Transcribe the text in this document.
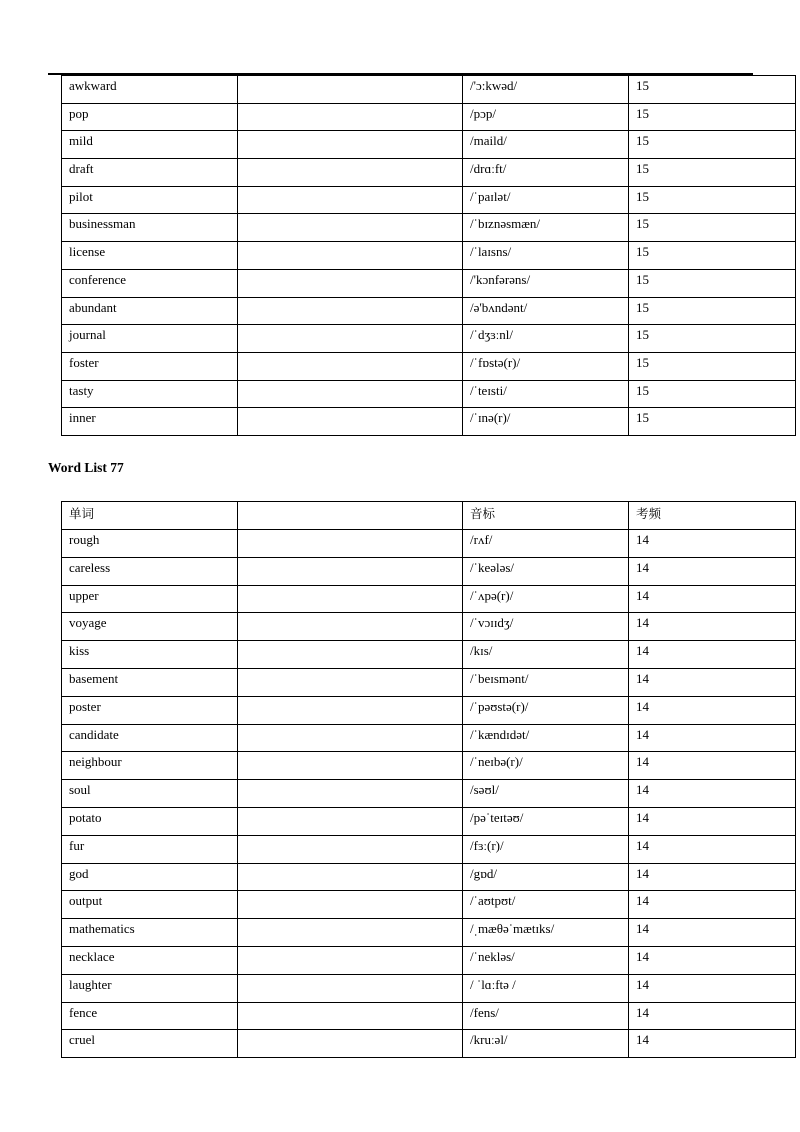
awkward		/'ɔ:kwəd/	15
pop		/pɔp/	15
mild		/maild/	15
draft		/drɑːft/	15
pilot		/ˈpaɪlət/	15
businessman		/ˈbɪznəsmæn/	15
license		/ˈlaɪsns/	15
conference		/'kɔnfərəns/	15
abundant		/ə'bʌndənt/	15
journal		/ˈdʒɜːnl/	15
foster		/ˈfɒstə(r)/	15
tasty		/ˈteɪsti/	15
inner		/ˈɪnə(r)/	15
Word List 77
单词		音标	考频
rough		/rʌf/	14
careless		/ˈkeələs/	14
upper		/ˈʌpə(r)/	14
voyage		/ˈvɔɪɪdʒ/	14
kiss		/kɪs/	14
basement		/ˈbeɪsmənt/	14
poster		/ˈpəʊstə(r)/	14
candidate		/ˈkændɪdət/	14
neighbour		/ˈneɪbə(r)/	14
soul		/səʊl/	14
potato		/pəˈteɪtəʊ/	14
fur		/fɜː(r)/	14
god		/gɒd/	14
output		/ˈaʊtpʊt/	14
mathematics		/ˌmæθəˈmætɪks/	14
necklace		/ˈnekləs/	14
laughter		/ ˈlɑːftə /	14
fence		/fens/	14
cruel		/kruːəl/	14
